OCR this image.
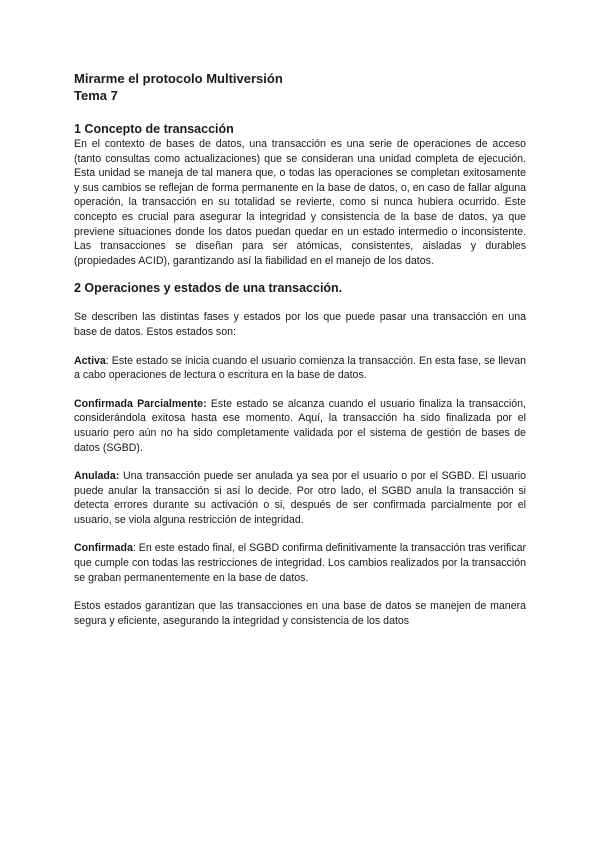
Mirarme el protocolo Multiversión

Tema 7

1 Concepto de transacción

En el contexto de bases de datos, una transacción es una serie de operaciones de acceso (tanto consultas como actualizaciones) que se consideran una unidad completa de ejecución. Esta unidad se maneja de tal manera que, o todas las operaciones se completan exitosamente y sus cambios se reflejan de forma permanente en la base de datos, o, en caso de fallar alguna operación, la transacción en su totalidad se revierte, como si nunca hubiera ocurrido. Este concepto es crucial para asegurar la integridad y consistencia de la base de datos, ya que previene situaciones donde los datos puedan quedar en un estado intermedio o inconsistente. Las transacciones se diseñan para ser atómicas, consistentes, aisladas y durables (propiedades ACID), garantizando así la fiabilidad en el manejo de los datos.

2 Operaciones y estados de una transacción.

Se describen las distintas fases y estados por los que puede pasar una transacción en una base de datos. Estos estados son:

Activa: Este estado se inicia cuando el usuario comienza la transacción. En esta fase, se llevan a cabo operaciones de lectura o escritura en la base de datos.

Confirmada Parcialmente: Este estado se alcanza cuando el usuario finaliza la transacción, considerándola exitosa hasta ese momento. Aquí, la transacción ha sido finalizada por el usuario pero aún no ha sido completamente validada por el sistema de gestión de bases de datos (SGBD).

Anulada: Una transacción puede ser anulada ya sea por el usuario o por el SGBD. El usuario puede anular la transacción si así lo decide. Por otro lado, el SGBD anula la transacción si detecta errores durante su activación o si, después de ser confirmada parcialmente por el usuario, se viola alguna restricción de integridad.

Confirmada: En este estado final, el SGBD confirma definitivamente la transacción tras verificar que cumple con todas las restricciones de integridad. Los cambios realizados por la transacción se graban permanentemente en la base de datos.

Estos estados garantizan que las transacciones en una base de datos se manejen de manera segura y eficiente, asegurando la integridad y consistencia de los datos
